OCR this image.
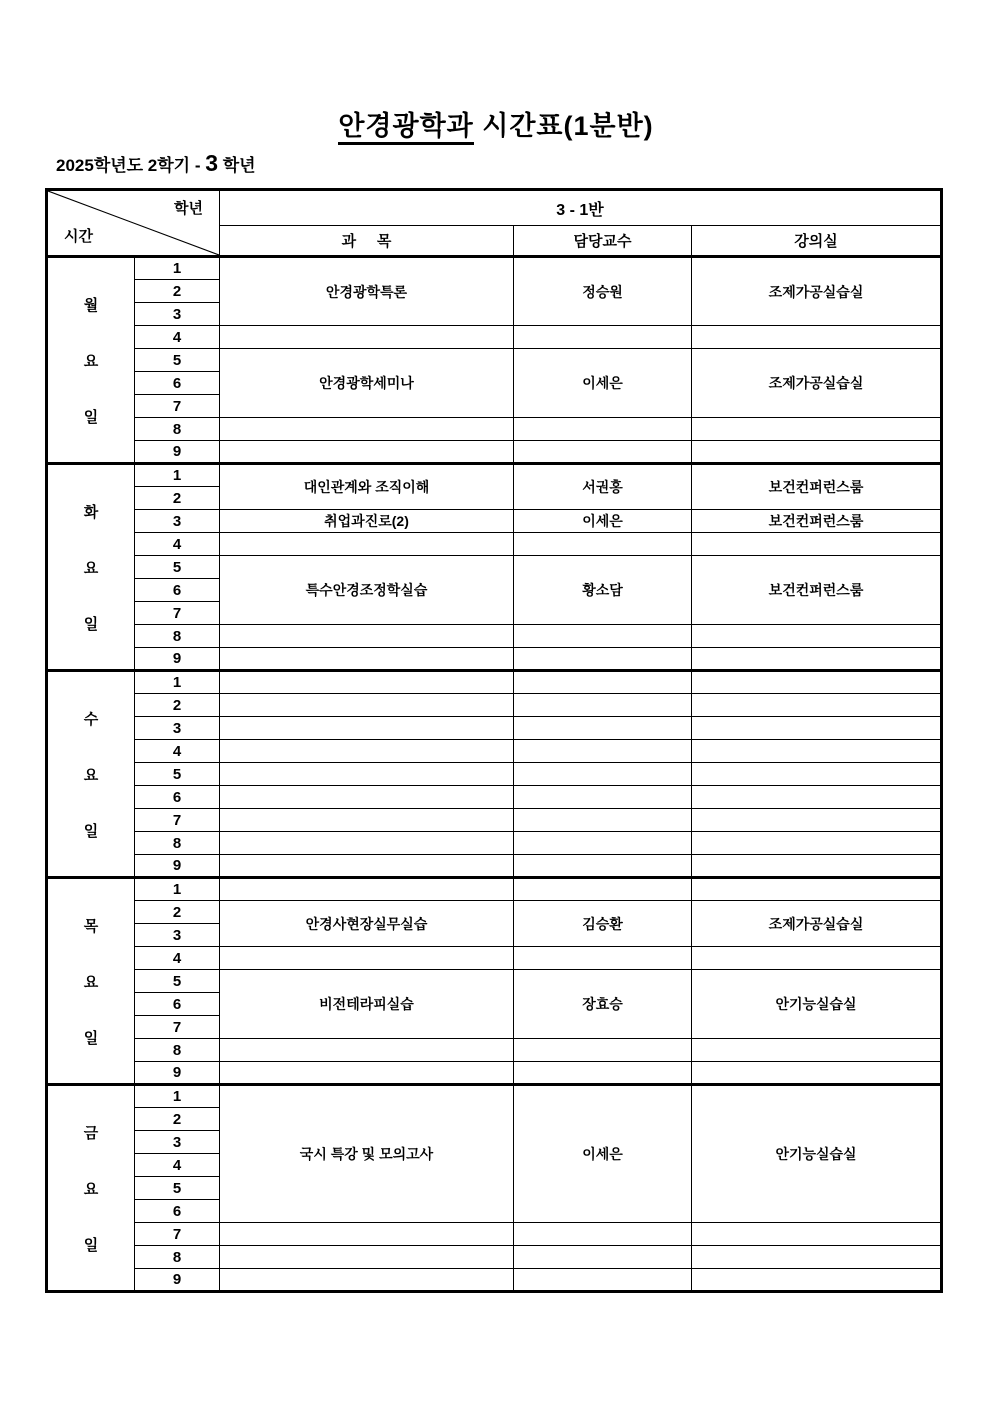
안경광학과 시간표(1분반)
2025학년도 2학기 - 3 학년
학년
시간		3 - 1반		
		과     목	담당교수	강의실

월
요
일	1	안경광학특론	정승원	조제가공실습실
	2			
	3			
	4			
	5	안경광학세미나	이세은	조제가공실습실
	6			
	7			
	8			
	9			

화
요
일	1	대인관계와 조직이해	서권홍	보건컨퍼런스룸
	2			
	3	취업과진로(2)	이세은	보건컨퍼런스룸
	4			
	5	특수안경조정학실습	황소담	보건컨퍼런스룸
	6			
	7			
	8			
	9			

수
요
일	1			
	2			
	3			
	4			
	5			
	6			
	7			
	8			
	9			

목
요
일	1			
	2	안경사현장실무실습	김승환	조제가공실습실
	3			
	4			
	5	비전테라피실습	장효승	안기능실습실
	6			
	7			
	8			
	9			

금
요
일	1	국시 특강 및 모의고사	이세은	안기능실습실
	2			
	3			
	4			
	5			
	6			
	7			
	8			
	9			
